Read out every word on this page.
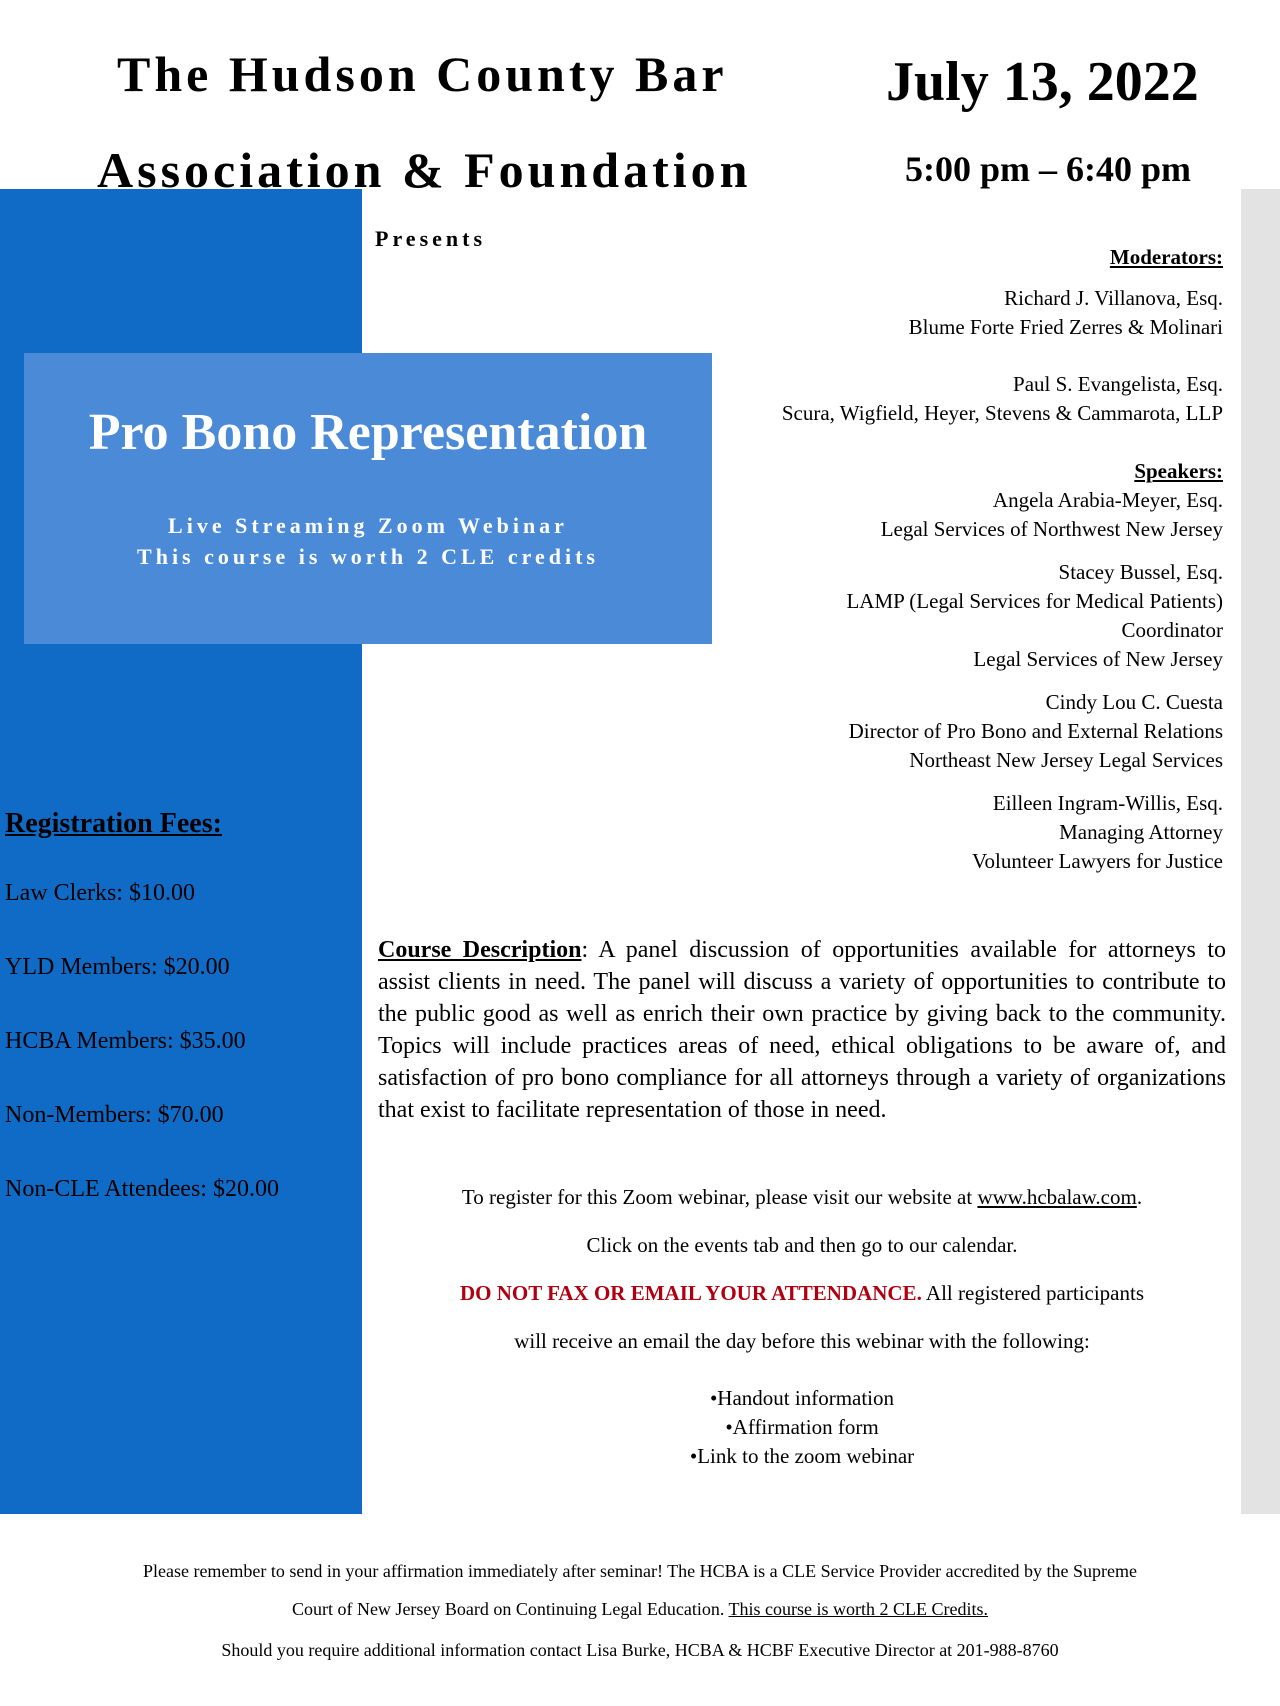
The Hudson County Bar
Association & Foundation
July 13, 2022
5:00 pm – 6:40 pm
Presents
Pro Bono Representation
Live Streaming Zoom Webinar
This course is worth 2 CLE credits
Moderators:
Richard J. Villanova, Esq.
Blume Forte Fried Zerres & Molinari
Paul S. Evangelista, Esq.
Scura, Wigfield, Heyer, Stevens & Cammarota, LLP
Speakers:
Angela Arabia-Meyer, Esq.
Legal Services of Northwest New Jersey
Stacey Bussel, Esq.
LAMP (Legal Services for Medical Patients)
Coordinator
Legal Services of New Jersey
Cindy Lou C. Cuesta
Director of Pro Bono and External Relations
Northeast New Jersey Legal Services
Eilleen Ingram-Willis, Esq.
Managing Attorney
Volunteer Lawyers for Justice
Registration Fees:
Law Clerks: $10.00
YLD Members: $20.00
HCBA Members: $35.00
Non-Members: $70.00
Non-CLE Attendees: $20.00
Course Description: A panel discussion of opportunities available for attorneys to assist clients in need. The panel will discuss a variety of opportunities to contribute to the public good as well as enrich their own practice by giving back to the community. Topics will include practices areas of need, ethical obligations to be aware of, and satisfaction of pro bono compliance for all attorneys through a variety of organizations that exist to facilitate representation of those in need.
To register for this Zoom webinar, please visit our website at www.hcbalaw.com.
Click on the events tab and then go to our calendar.
DO NOT FAX OR EMAIL YOUR ATTENDANCE. All registered participants
will receive an email the day before this webinar with the following:
•Handout information
•Affirmation form
•Link to the zoom webinar
Please remember to send in your affirmation immediately after seminar! The HCBA is a CLE Service Provider accredited by the Supreme
Court of New Jersey Board on Continuing Legal Education. This course is worth 2 CLE Credits.
Should you require additional information contact Lisa Burke, HCBA & HCBF Executive Director at 201-988-8760
